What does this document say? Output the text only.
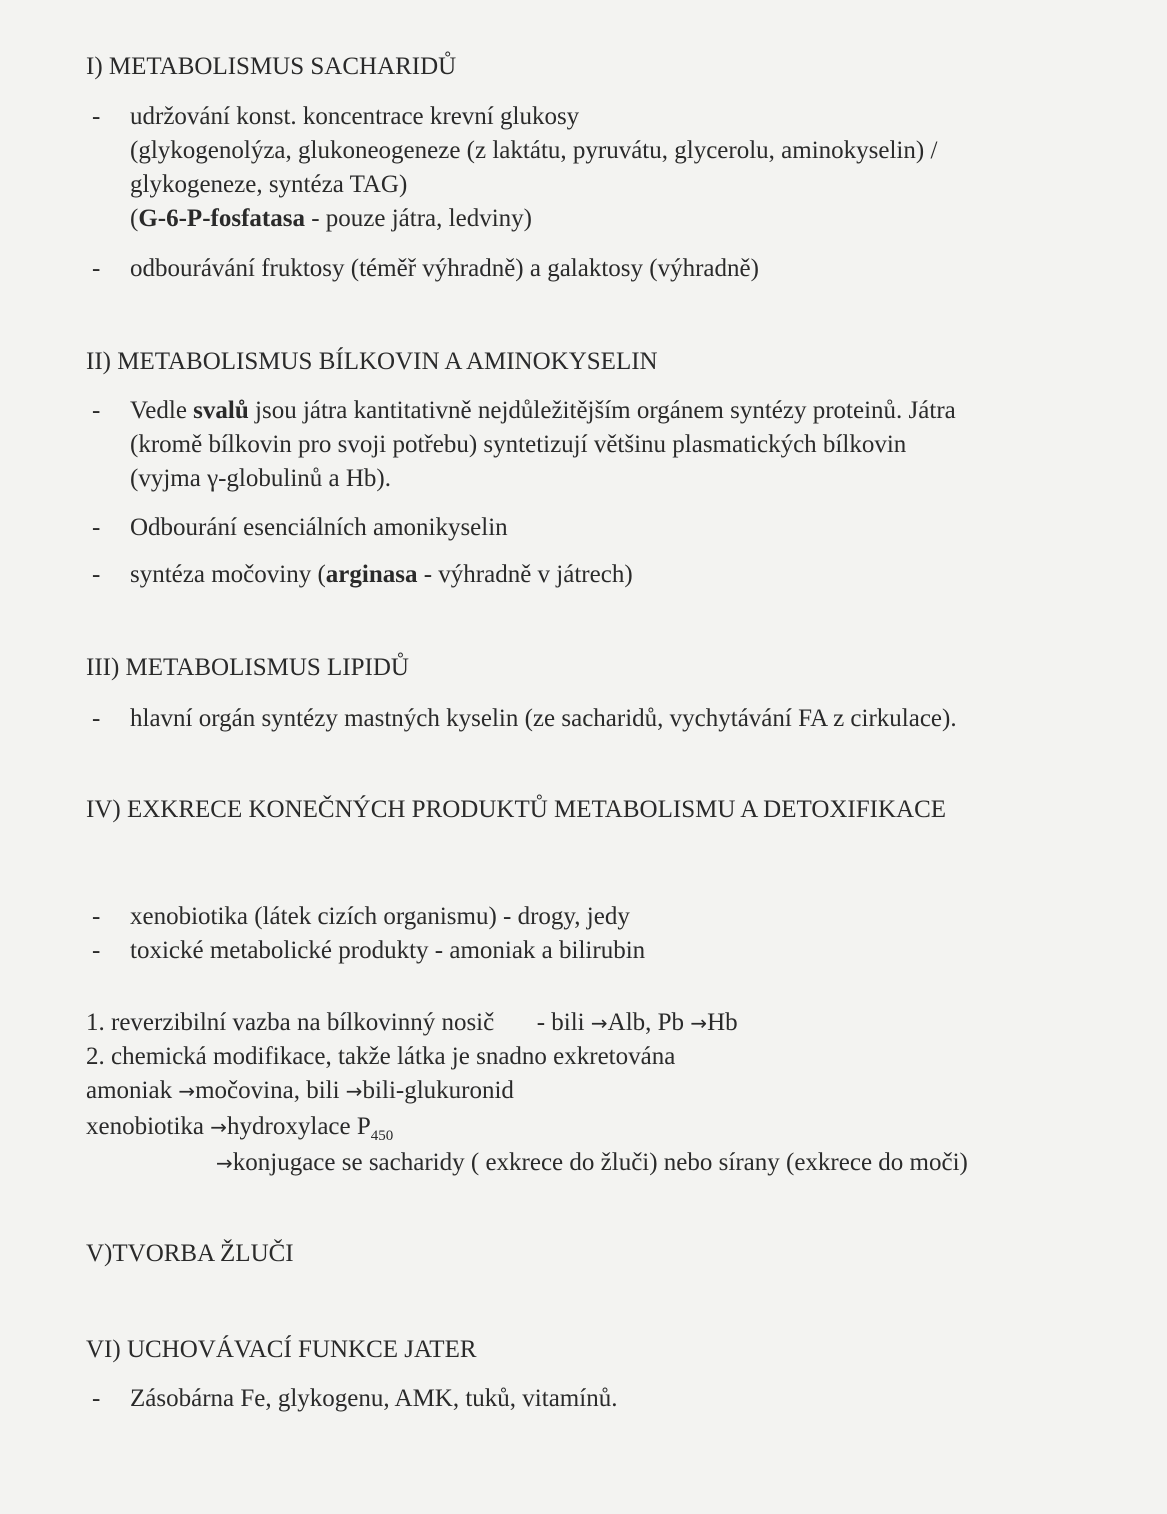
I) METABOLISMUS SACHARIDŮ
- udržování konst. koncentrace krevní glukosy
(glykogenolýza, glukoneogeneze (z laktátu, pyruvátu, glycerolu, aminokyselin) /
glykogeneze, syntéza TAG)
(G-6-P-fosfatasa - pouze játra, ledviny)
- odbourávání fruktosy (téměř výhradně) a galaktosy (výhradně)
II) METABOLISMUS BÍLKOVIN A AMINOKYSELIN
- Vedle svalů jsou játra kantitativně nejdůležitějším orgánem syntézy proteinů. Játra
(kromě bílkovin pro svoji potřebu) syntetizují většinu plasmatických bílkovin
(vyjma γ-globulinů a Hb).
- Odbourání esenciálních amonikyselin
- syntéza močoviny (arginasa - výhradně v játrech)
III) METABOLISMUS LIPIDŮ
- hlavní orgán syntézy mastných kyselin (ze sacharidů, vychytávání FA z cirkulace).
IV) EXKRECE KONEČNÝCH PRODUKTŮ METABOLISMU A DETOXIFIKACE
- xenobiotika (látek cizích organismu) - drogy, jedy
- toxické metabolické produkty - amoniak a bilirubin
1. reverzibilní vazba na bílkovinný nosič - bili →Alb, Pb →Hb
2. chemická modifikace, takže látka je snadno exkretována
amoniak →močovina, bili →bili-glukuronid
xenobiotika →hydroxylace $P_{450}$
→konjugace se sacharidy ( exkrece do žluči) nebo sírany (exkrece do moči)
V)TVORBA ŽLUČI
VI) UCHOVÁVACÍ FUNKCE JATER
- Zásobárna Fe, glykogenu, AMK, tuků, vitamínů.
